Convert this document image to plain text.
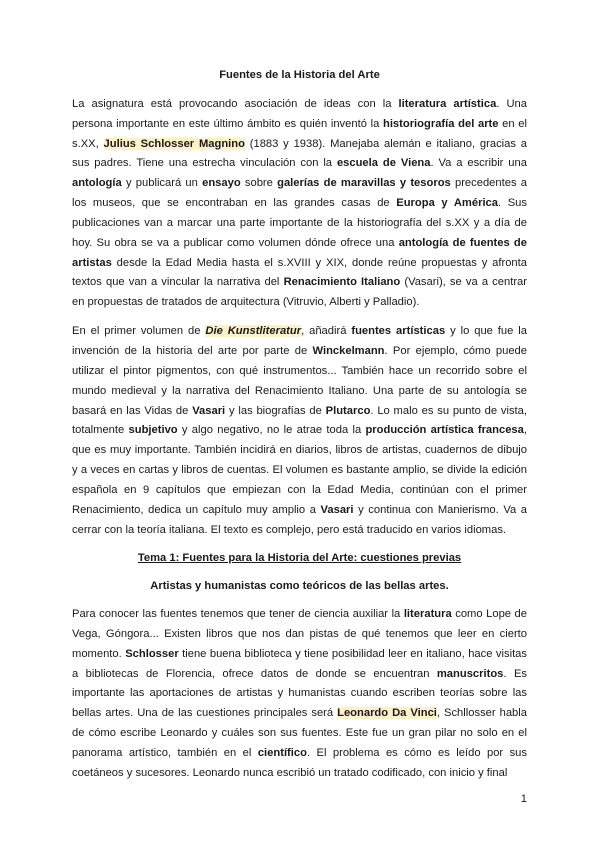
Fuentes de la Historia del Arte

La asignatura está provocando asociación de ideas con la literatura artística. Una persona importante en este último ámbito es quién inventó la historiografía del arte en el s.XX, Julius Schlosser Magnino (1883 y 1938). Manejaba alemán e italiano, gracias a sus padres. Tiene una estrecha vinculación con la escuela de Viena. Va a escribir una antología y publicará un ensayo sobre galerías de maravillas y tesoros precedentes a los museos, que se encontraban en las grandes casas de Europa y América. Sus publicaciones van a marcar una parte importante de la historiografía del s.XX y a día de hoy. Su obra se va a publicar como volumen dónde ofrece una antología de fuentes de artistas desde la Edad Media hasta el s.XVIII y XIX, donde reúne propuestas y afronta textos que van a vincular la narrativa del Renacimiento Italiano (Vasari), se va a centrar en propuestas de tratados de arquitectura (Vitruvio, Alberti y Palladio).

En el primer volumen de Die Kunstliteratur, añadirá fuentes artísticas y lo que fue la invención de la historia del arte por parte de Winckelmann. Por ejemplo, cómo puede utilizar el pintor pigmentos, con qué instrumentos... También hace un recorrido sobre el mundo medieval y la narrativa del Renacimiento Italiano. Una parte de su antología se basará en las Vidas de Vasari y las biografías de Plutarco. Lo malo es su punto de vista, totalmente subjetivo y algo negativo, no le atrae toda la producción artística francesa, que es muy importante. También incidirá en diarios, libros de artistas, cuadernos de dibujo y a veces en cartas y libros de cuentas. El volumen es bastante amplio, se divide la edición española en 9 capítulos que empiezan con la Edad Media, continúan con el primer Renacimiento, dedica un capítulo muy amplio a Vasari y continua con Manierismo. Va a cerrar con la teoría italiana. El texto es complejo, pero está traducido en varios idiomas.

Tema 1: Fuentes para la Historia del Arte: cuestiones previas

Artistas y humanistas como teóricos de las bellas artes.

Para conocer las fuentes tenemos que tener de ciencia auxiliar la literatura como Lope de Vega, Góngora... Existen libros que nos dan pistas de qué tenemos que leer en cierto momento. Schlosser tiene buena biblioteca y tiene posibilidad leer en italiano, hace visitas a bibliotecas de Florencia, ofrece datos de donde se encuentran manuscritos. Es importante las aportaciones de artistas y humanistas cuando escriben teorías sobre las bellas artes. Una de las cuestiones principales será Leonardo Da Vinci, Schllosser habla de cómo escribe Leonardo y cuáles son sus fuentes. Este fue un gran pilar no solo en el panorama artístico, también en el científico. El problema es cómo es leído por sus coetáneos y sucesores. Leonardo nunca escribió un tratado codificado, con inicio y final

1
